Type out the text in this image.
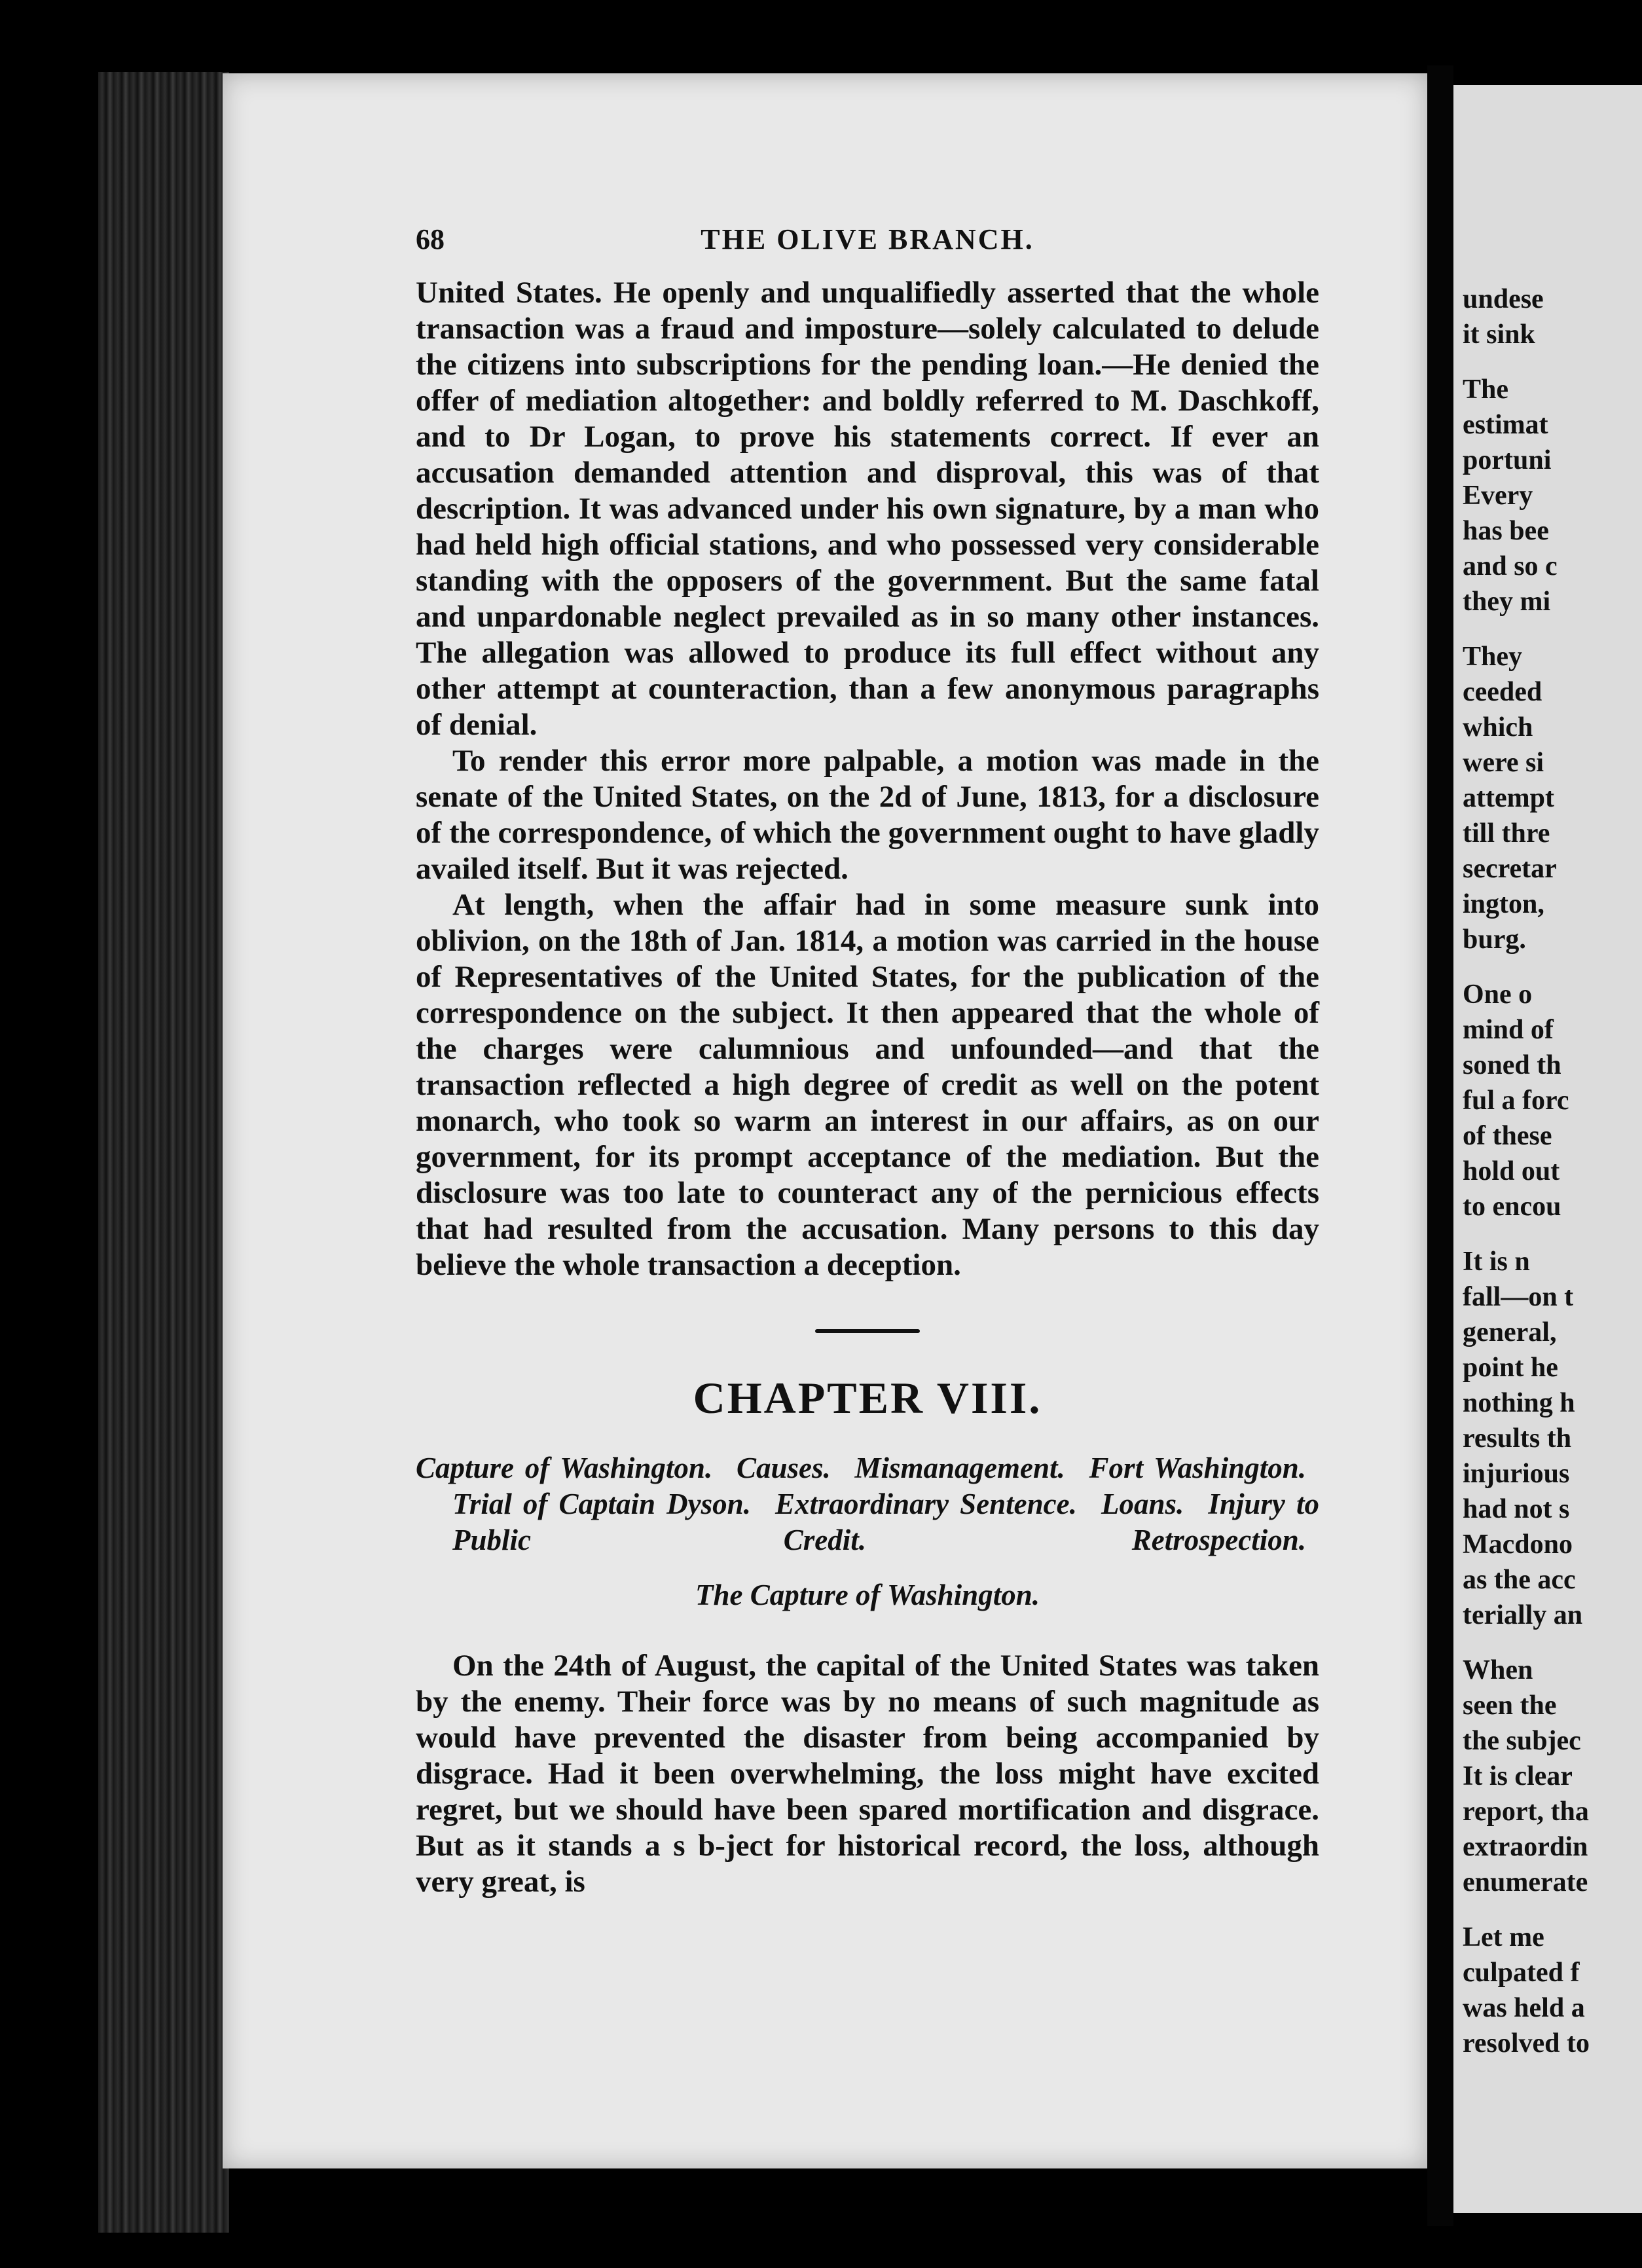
68	THE OLIVE BRANCH.

United States. He openly and unqualifiedly asserted that the whole transaction was a fraud and imposture—solely calculated to delude the citizens into subscriptions for the pending loan.—He denied the offer of mediation altogether: and boldly referred to M. Daschkoff, and to Dr Logan, to prove his statements correct. If ever an accusation demanded attention and disproval, this was of that description. It was advanced under his own signature, by a man who had held high official stations, and who possessed very considerable standing with the opposers of the government. But the same fatal and unpardonable neglect prevailed as in so many other instances. The allegation was allowed to produce its full effect without any other attempt at counteraction, than a few anonymous paragraphs of denial.

To render this error more palpable, a motion was made in the senate of the United States, on the 2d of June, 1813, for a disclosure of the correspondence, of which the government ought to have gladly availed itself. But it was rejected.

At length, when the affair had in some measure sunk into oblivion, on the 18th of Jan. 1814, a motion was carried in the house of Representatives of the United States, for the publication of the correspondence on the subject. It then appeared that the whole of the charges were calumnious and unfounded—and that the transaction reflected a high degree of credit as well on the potent monarch, who took so warm an interest in our affairs, as on our government, for its prompt acceptance of the mediation. But the disclosure was too late to counteract any of the pernicious effects that had resulted from the accusation. Many persons to this day believe the whole transaction a deception.

CHAPTER VIII.
Capture of Washington. Causes. Mismanagement. Fort Washington. Trial of Captain Dyson. Extraordinary Sentence. Loans. Injury to Public Credit.	Retrospection.
The Capture of Washington.

On the 24th of August, the capital of the United States was taken by the enemy. Their force was by no means of such magnitude as would have prevented the disaster from being accompanied by disgrace. Had it been overwhelming, the loss might have excited regret, but we should have been spared mortification and disgrace. But as it stands a s b-ject for historical record, the loss, although very great, is

undese
it sink
The
estimat
portuni
Every
has bee
and so c
they mi
They
ceeded
which
were si
attempt
till thre
secretar
ington,
burg.
One o
mind of
soned th
ful a forc
of these
hold out
to encou
It is n
fall—on t
general,
point he
nothing h
results th
injurious
had not s
Macdono
as the acc
terially an
When
seen the
the subjec
It is clear
report, tha
extraordin
enumerate
Let me
culpated f
was held a
resolved to
